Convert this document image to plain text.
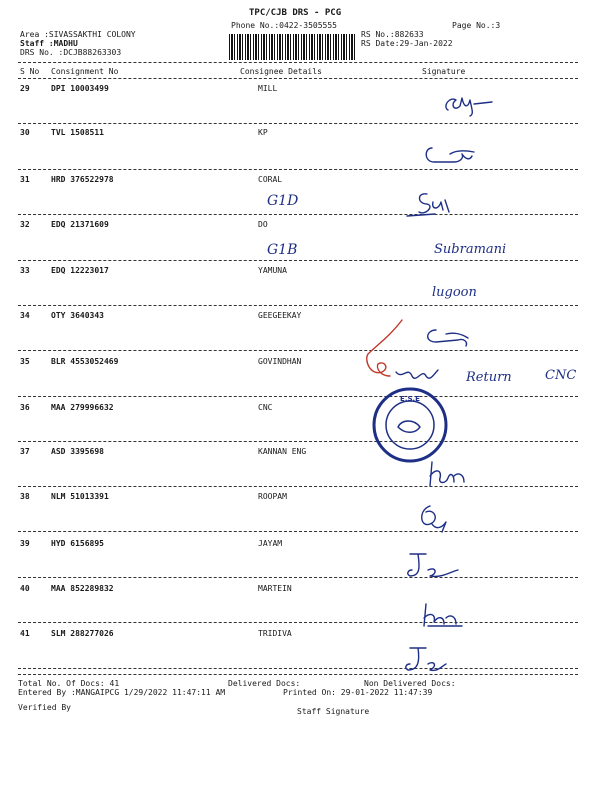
TPC/CJB DRS - PCG
Phone No.:0422-3505555	Page No.:3
Area :SIVASSAKTHI COLONY
Staff :MADHU
DRS No. :DCJB88263303
RS No.:882633
RS Date:29-Jan-2022
S No Consignment No	Consignee Details	Signature
29	DPI 10003499	MILL
30	TVL 1508511	KP
31	HRD 376522978	CORAL
32	EDQ 21371609	DO
33	EDQ 12223017	YAMUNA
34	OTY 3640343	GEEGEEKAY
35	BLR 4553052469	GOVINDHAN
36	MAA 279996632	CNC
37	ASD 3395698	KANNAN ENG
38	NLM 51013391	ROOPAM
39	HYD 6156895	JAYAM
40	MAA 852289832	MARTEIN
41	SLM 288277026	TRIDIVA
G1D
G1B	Subramani
lugoon
Return	CNC
E.S.E
Total No. Of Docs: 41	Delivered Docs:	Non Delivered Docs:
Entered By :MANGAIPCG 1/29/2022 11:47:11 AM	Printed On: 29-01-2022 11:47:39
Verified By	Staff Signature
